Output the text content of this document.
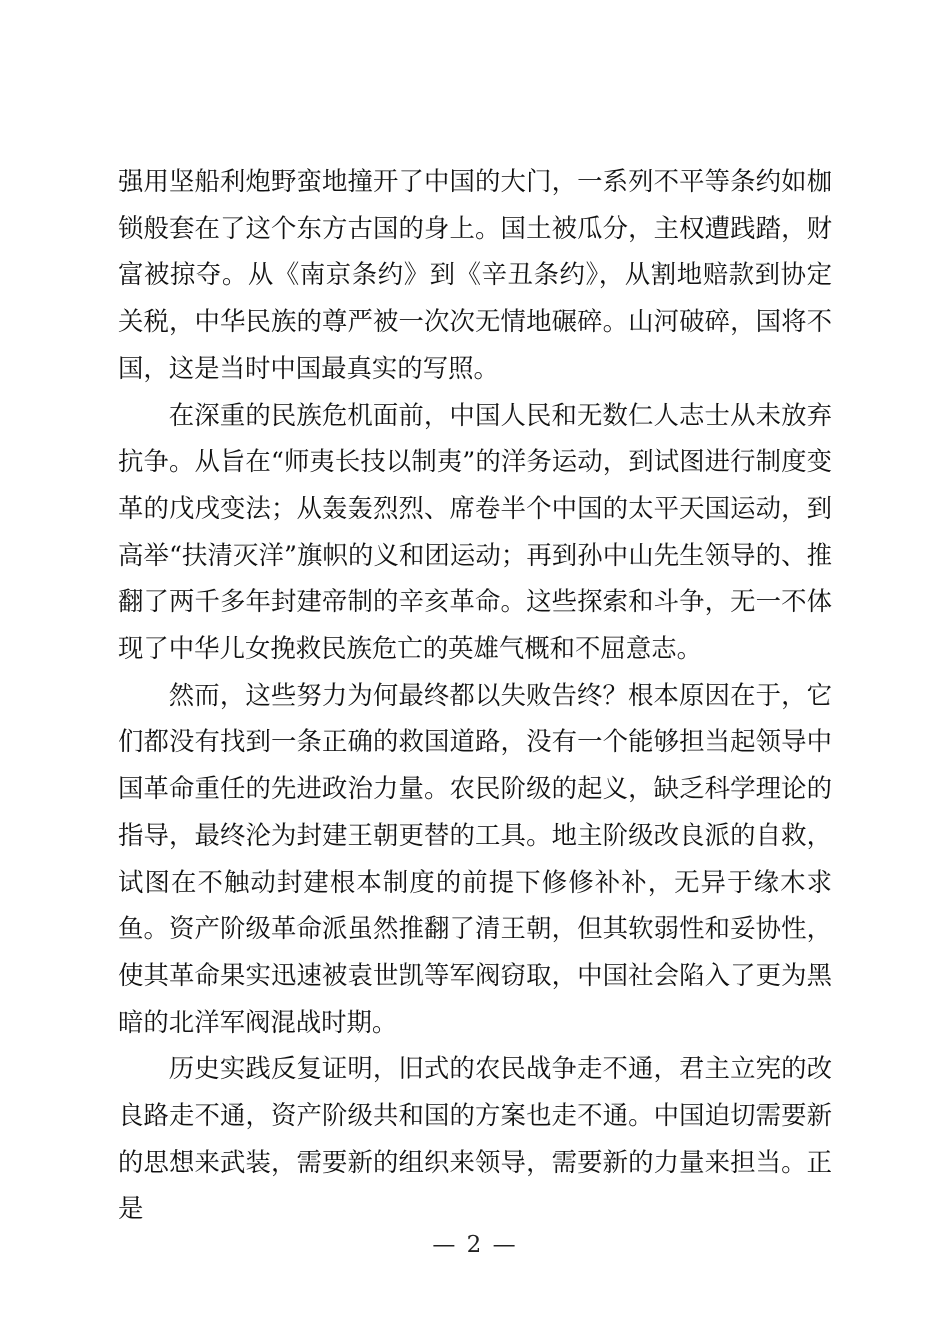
强用坚船利炮野蛮地撞开了中国的大门，一系列不平等条约如枷锁般套在了这个东方古国的身上。国土被瓜分，主权遭践踏，财富被掠夺。从《南京条约》到《辛丑条约》，从割地赔款到协定关税，中华民族的尊严被一次次无情地碾碎。山河破碎，国将不国，这是当时中国最真实的写照。

在深重的民族危机面前，中国人民和无数仁人志士从未放弃抗争。从旨在“师夷长技以制夷”的洋务运动，到试图进行制度变革的戊戌变法；从轰轰烈烈、席卷半个中国的太平天国运动，到高举“扶清灭洋”旗帜的义和团运动；再到孙中山先生领导的、推翻了两千多年封建帝制的辛亥革命。这些探索和斗争，无一不体现了中华儿女挽救民族危亡的英雄气概和不屈意志。

然而，这些努力为何最终都以失败告终？根本原因在于，它们都没有找到一条正确的救国道路，没有一个能够担当起领导中国革命重任的先进政治力量。农民阶级的起义，缺乏科学理论的指导，最终沦为封建王朝更替的工具。地主阶级改良派的自救，试图在不触动封建根本制度的前提下修修补补，无异于缘木求鱼。资产阶级革命派虽然推翻了清王朝，但其软弱性和妥协性，使其革命果实迅速被袁世凯等军阀窃取，中国社会陷入了更为黑暗的北洋军阀混战时期。

历史实践反复证明，旧式的农民战争走不通，君主立宪的改良路走不通，资产阶级共和国的方案也走不通。中国迫切需要新的思想来武装，需要新的组织来领导，需要新的力量来担当。正是

— 2 —
